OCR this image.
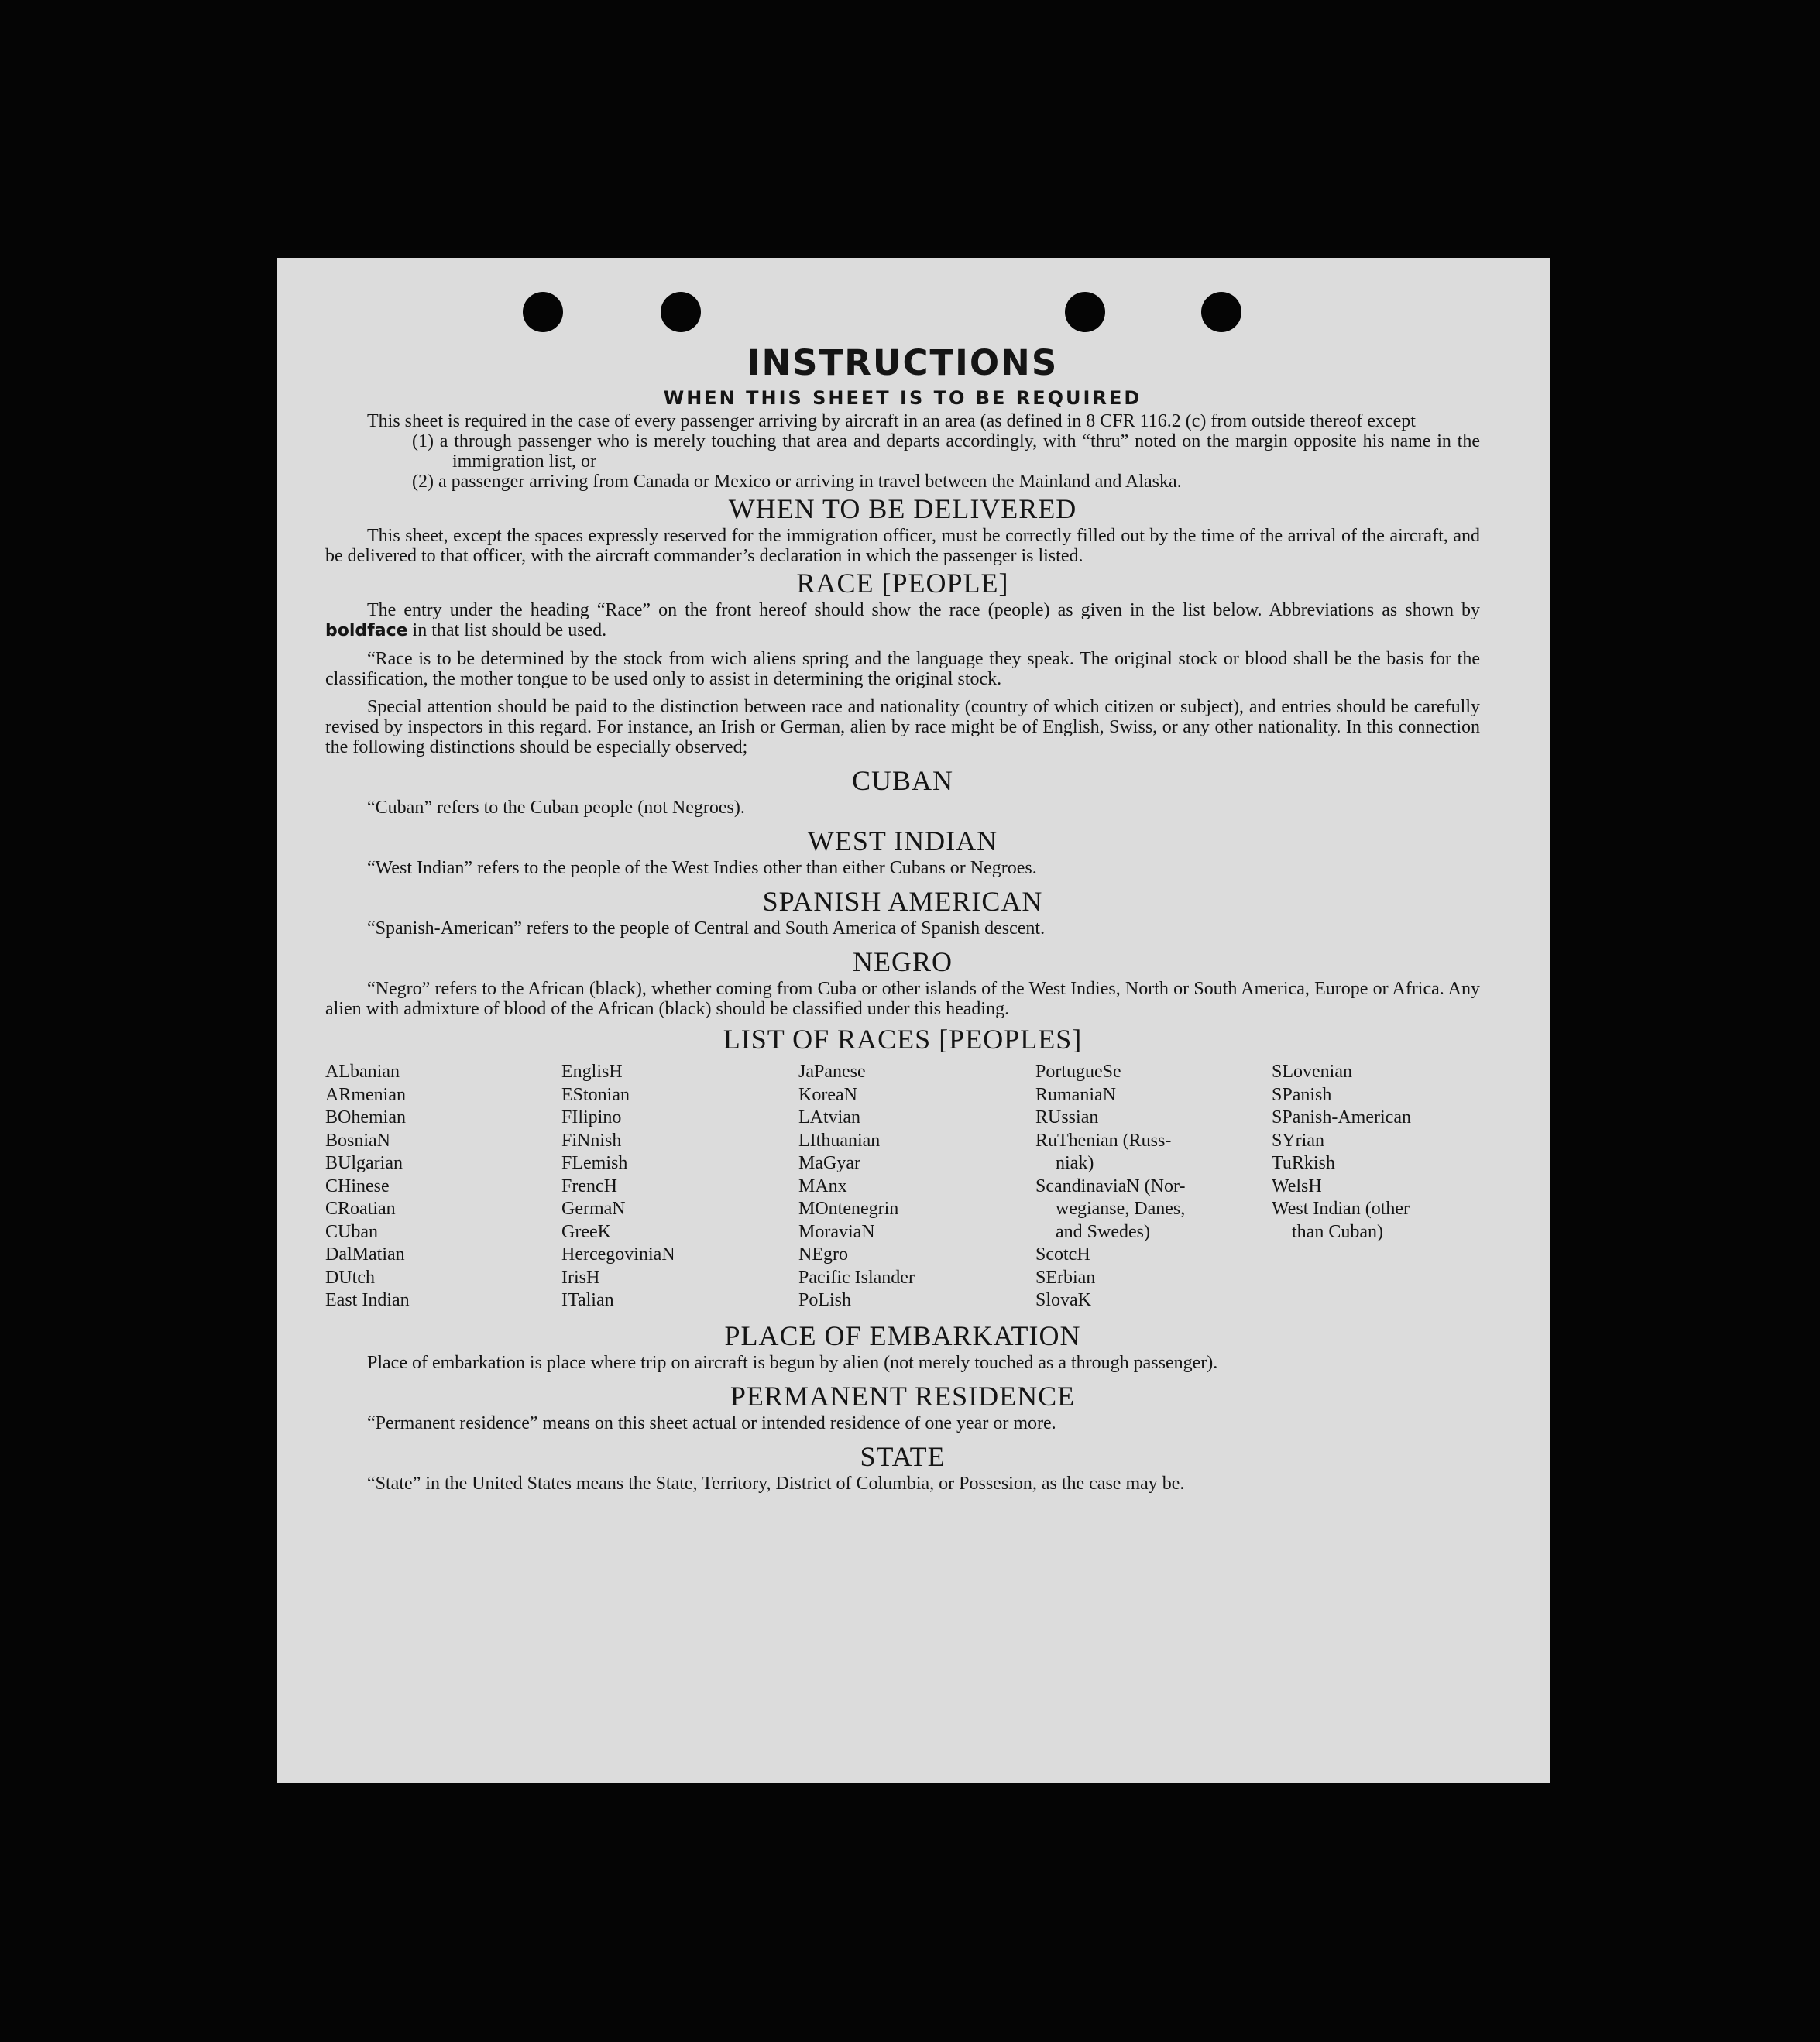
INSTRUCTIONS
WHEN THIS SHEET IS TO BE REQUIRED

This sheet is required in the case of every passenger arriving by aircraft in an area (as defined in 8 CFR 116.2 (c) from outside thereof except

(1) a through passenger who is merely touching that area and departs accordingly, with “thru” noted on the margin opposite his name in the immigration list, or

(2) a passenger arriving from Canada or Mexico or arriving in travel between the Mainland and Alaska.

WHEN TO BE DELIVERED

This sheet, except the spaces expressly reserved for the immigration officer, must be correctly filled out by the time of the arrival of the aircraft, and be delivered to that officer, with the aircraft commander’s declaration in which the passenger is listed.

RACE [PEOPLE]

The entry under the heading “Race” on the front hereof should show the race (people) as given in the list below. Abbreviations as shown by boldface in that list should be used.

“Race is to be determined by the stock from wich aliens spring and the language they speak. The original stock or blood shall be the basis for the classification, the mother tongue to be used only to assist in determining the original stock.

Special attention should be paid to the distinction between race and nationality (country of which citizen or subject), and entries should be carefully revised by inspectors in this regard. For instance, an Irish or German, alien by race might be of English, Swiss, or any other nationality. In this connection the following distinctions should be especially observed;

CUBAN

“Cuban” refers to the Cuban people (not Negroes).

WEST INDIAN

“West Indian” refers to the people of the West Indies other than either Cubans or Negroes.

SPANISH AMERICAN

“Spanish-American” refers to the people of Central and South America of Spanish descent.

NEGRO

“Negro” refers to the African (black), whether coming from Cuba or other islands of the West Indies, North or South America, Europe or Africa. Any alien with admixture of blood of the African (black) should be classified under this heading.

LIST OF RACES [PEOPLES]
ALbanian
ARmenian
BOhemian
BosniaN
BUlgarian
CHinese
CRoatian
CUban
DalMatian
DUtch
East Indian
EnglisH
EStonian
FIlipino
FiNnish
FLemish
FrencH
GermaN
GreeK
HercegoviniaN
IrisH
ITalian
JaPanese
KoreaN
LAtvian
LIthuanian
MaGyar
MAnx
MOntenegrin
MoraviaN
NEgro
Pacific Islander
PoLish
PortugueSe
RumaniaN
RUssian
RuThenian (Russ-
niak)
ScandinaviaN (Nor-
wegianse, Danes,
and Swedes)
ScotcH
SErbian
SlovaK
SLovenian
SPanish
SPanish-American
SYrian
TuRkish
WelsH
West Indian (other
than Cuban)
PLACE OF EMBARKATION

Place of embarkation is place where trip on aircraft is begun by alien (not merely touched as a through passenger).

PERMANENT RESIDENCE

“Permanent residence” means on this sheet actual or intended residence of one year or more.

STATE

“State” in the United States means the State, Territory, District of Columbia, or Possesion, as the case may be.
